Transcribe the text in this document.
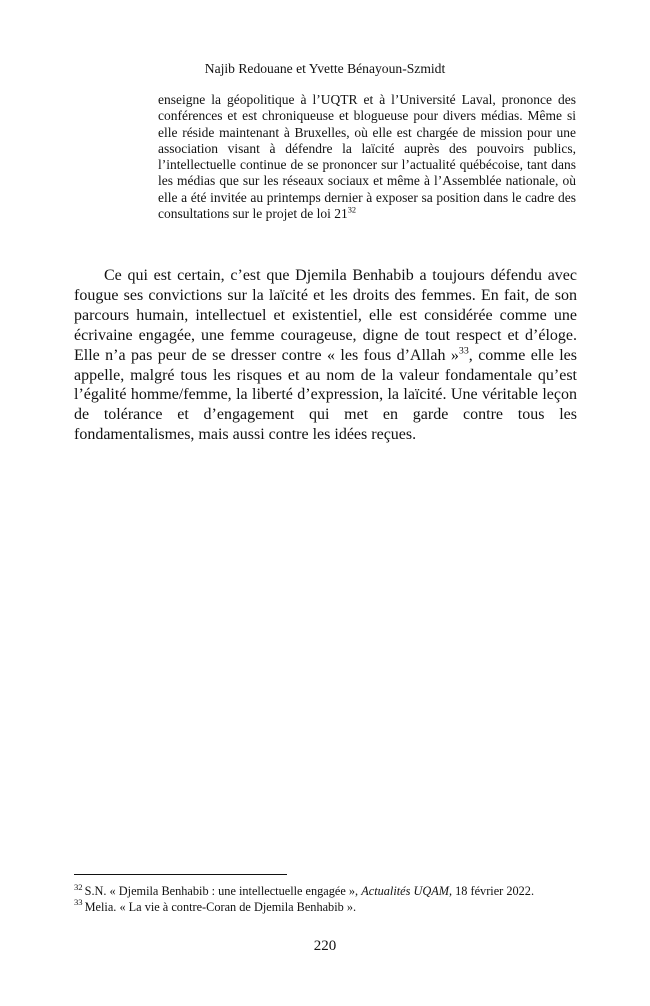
Najib Redouane et Yvette Bénayoun-Szmidt
enseigne la géopolitique à l’UQTR et à l’Université Laval, prononce des conférences et est chroniqueuse et blogueuse pour divers médias. Même si elle réside maintenant à Bruxelles, où elle est chargée de mission pour une association visant à défendre la laïcité auprès des pouvoirs publics, l’intellectuelle continue de se prononcer sur l’actualité québécoise, tant dans les médias que sur les réseaux sociaux et même à l’Assemblée nationale, où elle a été invitée au printemps dernier à exposer sa position dans le cadre des consultations sur le projet de loi $21^{32}$

Ce qui est certain, c’est que Djemila Benhabib a toujours défendu avec fougue ses convictions sur la laïcité et les droits des femmes. En fait, de son parcours humain, intellectuel et existentiel, elle est considérée comme une écrivaine engagée, une femme courageuse, digne de tout respect et d’éloge. Elle n’a pas peur de se dresser contre « les fous d’Allah »$^{33}$, comme elle les appelle, malgré tous les risques et au nom de la valeur fondamentale qu’est l’égalité homme/femme, la liberté d’expression, la laïcité. Une véritable leçon de tolérance et d’engagement qui met en garde contre tous les fondamentalismes, mais aussi contre les idées reçues.

$^{32}$ S.N. « Djemila Benhabib : une intellectuelle engagée », Actualités UQAM, 18 février 2022.
$^{33}$ Melia. « La vie à contre-Coran de Djemila Benhabib ».
220
